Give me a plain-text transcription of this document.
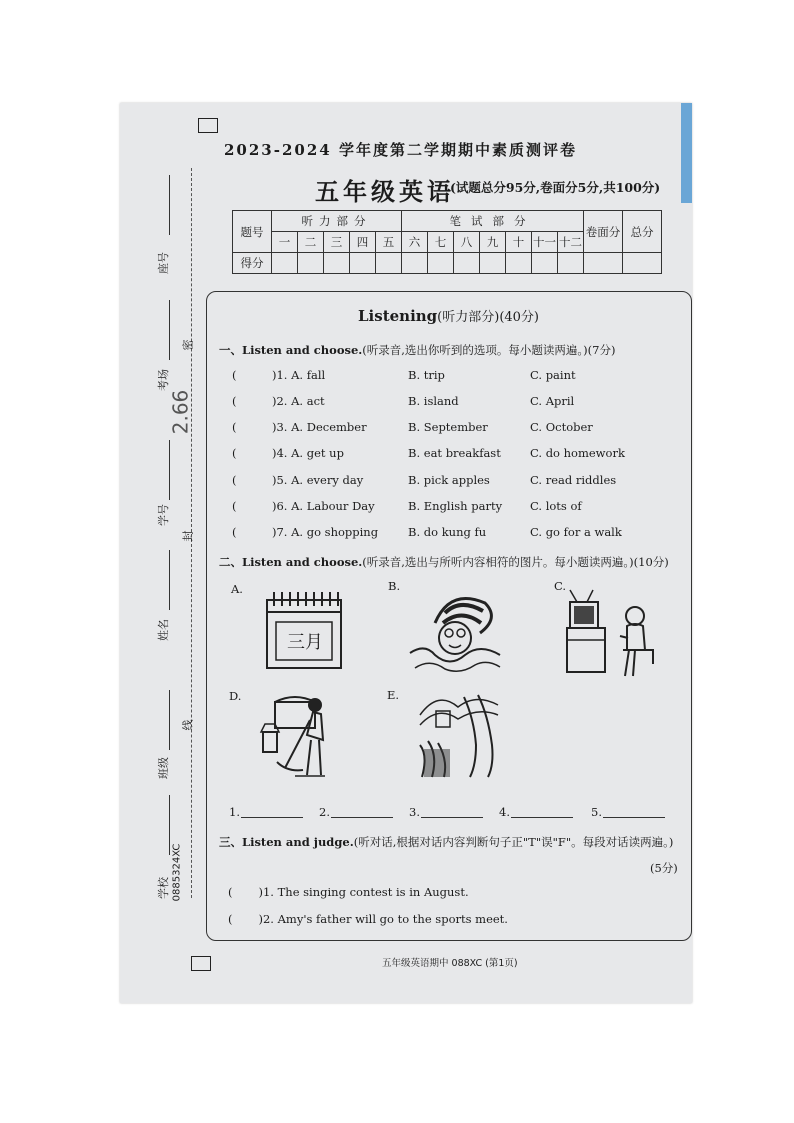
座号
考场
密
2.66
学号
封
姓名
线
班级
学校 0885324XC
2023-2024 学年度第二学期期中素质测评卷
五年级英语
(试题总分95分,卷面分5分,共100分)
题号	听力部分					笔试部分							卷面分	总分
	一	二	三	四	五	六	七	八	九	十	十一	十二		
得分														
Listening(听力部分)(40分)
一、Listen and choose.(听录音,选出你听到的选项。每小题读两遍。)(7分)
(	)1. A. fall	B. trip	C. paint
(	)2. A. act	B. island	C. April
(	)3. A. December	B. September	C. October
(	)4. A. get up	B. eat breakfast	C. do homework
(	)5. A. every day	B. pick apples	C. read riddles
(	)6. A. Labour Day	B. English party C. lots of
(	)7. A. go shopping	B. do kung fu	C. go for a walk
二、Listen and choose.(听录音,选出与所听内容相符的图片。每小题读两遍。)(10分)
A.	B.	C.
D.	E.
三月
1.	2.	3.	4.	5.
三、Listen and judge.(听对话,根据对话内容判断句子正"T"误"F"。每段对话读两遍。)
(5分)
( )1. The singing contest is in August.
( )2. Amy's father will go to the sports meet.
五年级英语期中 088XC (第1页)
